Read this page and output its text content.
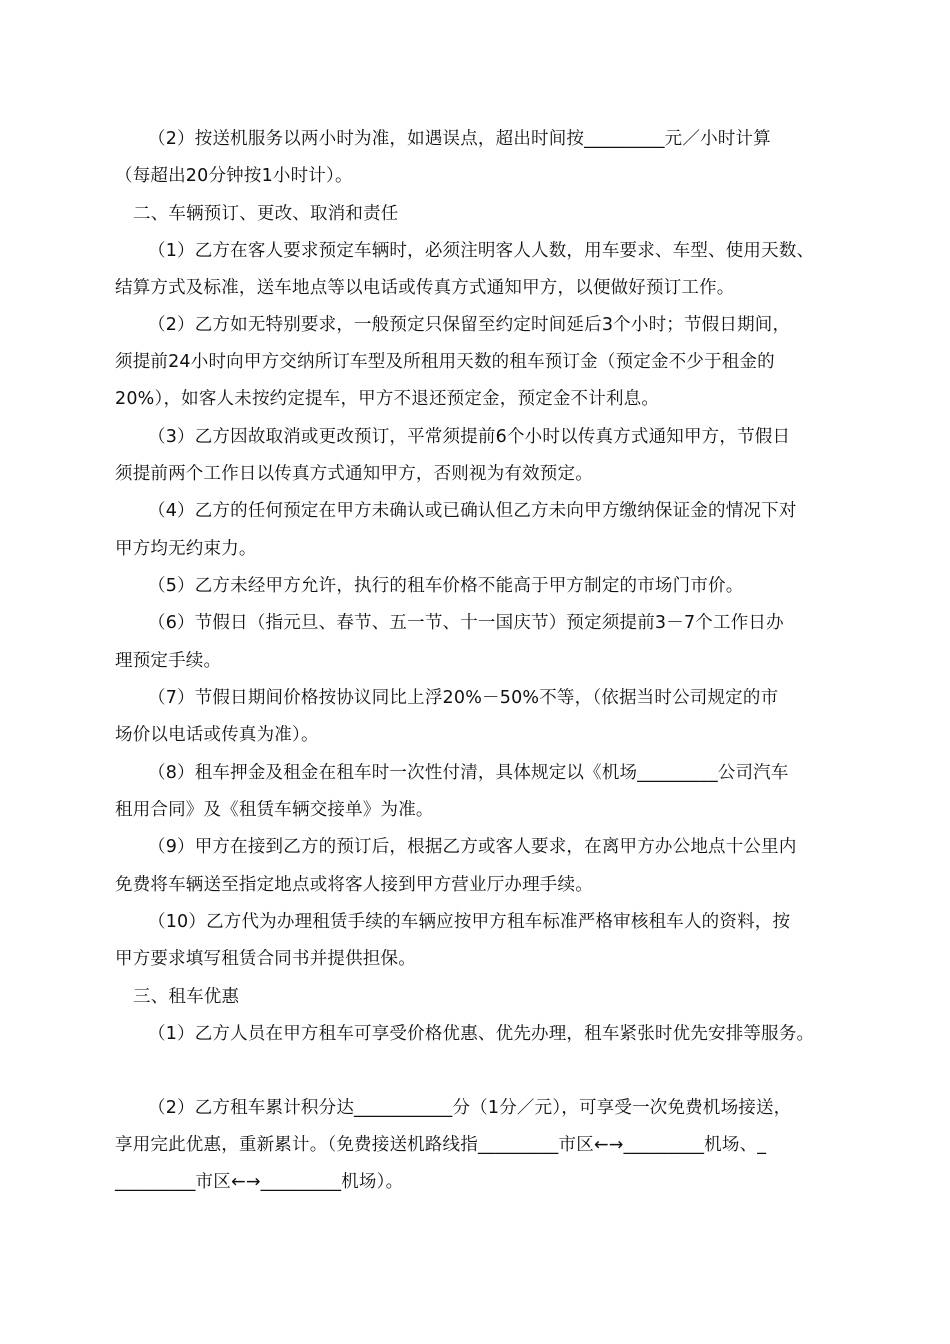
（2）按送机服务以两小时为准，如遇误点，超出时间按_________元／小时计算
（每超出20分钟按1小时计）。
二、车辆预订、更改、取消和责任
（1）乙方在客人要求预定车辆时，必须注明客人人数，用车要求、车型、使用天数、
结算方式及标准，送车地点等以电话或传真方式通知甲方，以便做好预订工作。
（2）乙方如无特别要求，一般预定只保留至约定时间延后3个小时；节假日期间，
须提前24小时向甲方交纳所订车型及所租用天数的租车预订金（预定金不少于租金的
20%），如客人未按约定提车，甲方不退还预定金，预定金不计利息。
（3）乙方因故取消或更改预订，平常须提前6个小时以传真方式通知甲方，节假日
须提前两个工作日以传真方式通知甲方，否则视为有效预定。
（4）乙方的任何预定在甲方未确认或已确认但乙方未向甲方缴纳保证金的情况下对
甲方均无约束力。
（5）乙方未经甲方允许，执行的租车价格不能高于甲方制定的市场门市价。
（6）节假日（指元旦、春节、五一节、十一国庆节）预定须提前3－7个工作日办
理预定手续。
（7）节假日期间价格按协议同比上浮20%－50%不等，（依据当时公司规定的市
场价以电话或传真为准）。
（8）租车押金及租金在租车时一次性付清，具体规定以《机场_________公司汽车
租用合同》及《租赁车辆交接单》为准。
（9）甲方在接到乙方的预订后，根据乙方或客人要求，在离甲方办公地点十公里内
免费将车辆送至指定地点或将客人接到甲方营业厅办理手续。
（10）乙方代为办理租赁手续的车辆应按甲方租车标准严格审核租车人的资料，按
甲方要求填写租赁合同书并提供担保。
三、租车优惠
（1）乙方人员在甲方租车可享受价格优惠、优先办理，租车紧张时优先安排等服务。
（2）乙方租车累计积分达___________分（1分／元），可享受一次免费机场接送，
享用完此优惠，重新累计。（免费接送机路线指_________市区←→_________机场、_
_________市区←→_________机场）。
